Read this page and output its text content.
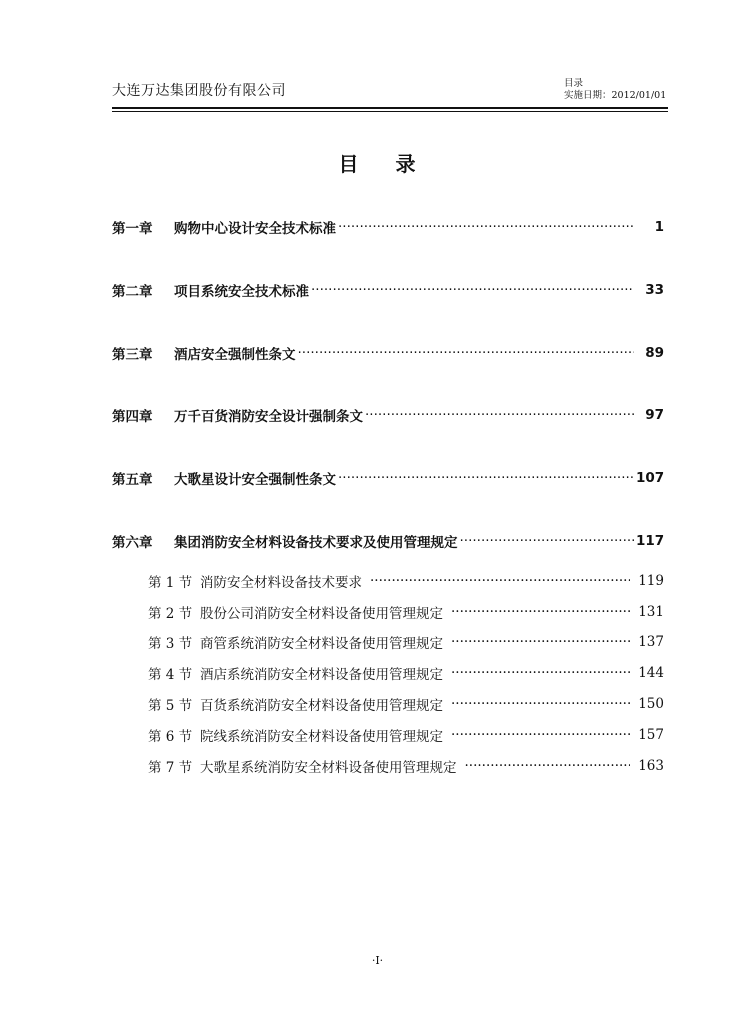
大连万达集团股份有限公司	目录
实施日期：2012/01/01
目 录
第一章	购物中心设计安全技术标准 ·····	1
第二章	项目系统安全技术标准 ·····	33
第三章	酒店安全强制性条文 ·····	89
第四章	万千百货消防安全设计强制条文 ·····	97
第五章	大歌星设计安全强制性条文 ·····	107
第六章	集团消防安全材料设备技术要求及使用管理规定 ·····	117
第 1 节 消防安全材料设备技术要求 ·····	119
第 2 节 股份公司消防安全材料设备使用管理规定 ·····	131
第 3 节 商管系统消防安全材料设备使用管理规定 ·····	137
第 4 节 酒店系统消防安全材料设备使用管理规定 ·····	144
第 5 节 百货系统消防安全材料设备使用管理规定 ·····	150
第 6 节 院线系统消防安全材料设备使用管理规定 ·····	157
第 7 节 大歌星系统消防安全材料设备使用管理规定 ·····	163
·I·
